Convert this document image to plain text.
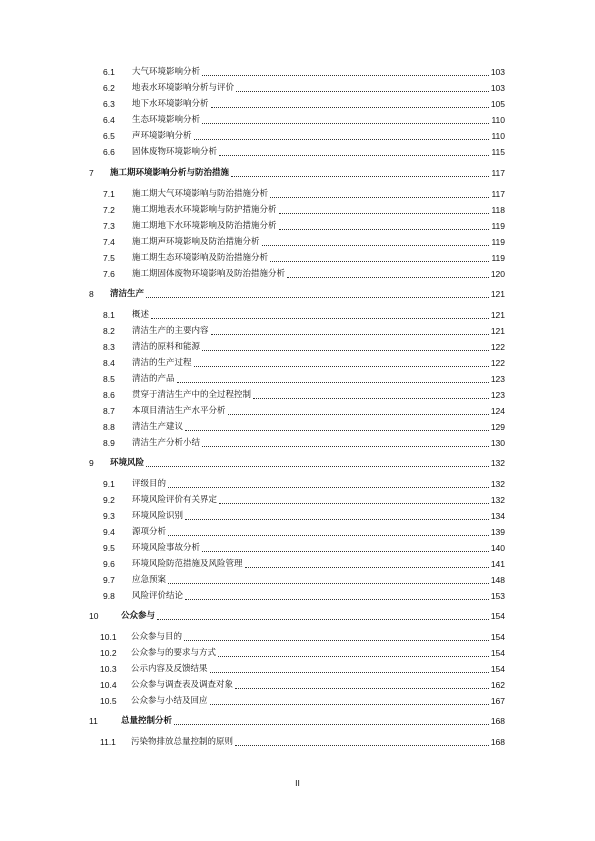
6.1 大气环境影响分析	103
6.2 地表水环境影响分析与评价	103
6.3 地下水环境影响分析	105
6.4 生态环境影响分析	110
6.5 声环境影响分析	110
6.6 固体废物环境影响分析	115
7 施工期环境影响分析与防治措施	117
7.1 施工期大气环境影响与防治措施分析	117
7.2 施工期地表水环境影响与防护措施分析	118
7.3 施工期地下水环境影响及防治措施分析	119
7.4 施工期声环境影响及防治措施分析	119
7.5 施工期生态环境影响及防治措施分析	119
7.6 施工期固体废物环境影响及防治措施分析	120
8 清洁生产	121
8.1 概述	121
8.2 清洁生产的主要内容	121
8.3 清洁的原料和能源	122
8.4 清洁的生产过程	122
8.5 清洁的产品	123
8.6 贯穿于清洁生产中的全过程控制	123
8.7 本项目清洁生产水平分析	124
8.8 清洁生产建议	129
8.9 清洁生产分析小结	130
9 环境风险	132
9.1 评级目的	132
9.2 环境风险评价有关界定	132
9.3 环境风险识别	134
9.4 源项分析	139
9.5 环境风险事故分析	140
9.6 环境风险防范措施及风险管理	141
9.7 应急预案	148
9.8 风险评价结论	153
10	公众参与	154
10.1 公众参与目的	154
10.2 公众参与的要求与方式	154
10.3 公示内容及反馈结果	154
10.4 公众参与调查表及调查对象	162
10.5 公众参与小结及回应	167
11	总量控制分析	168
11.1 污染物排放总量控制的原则	168
II
